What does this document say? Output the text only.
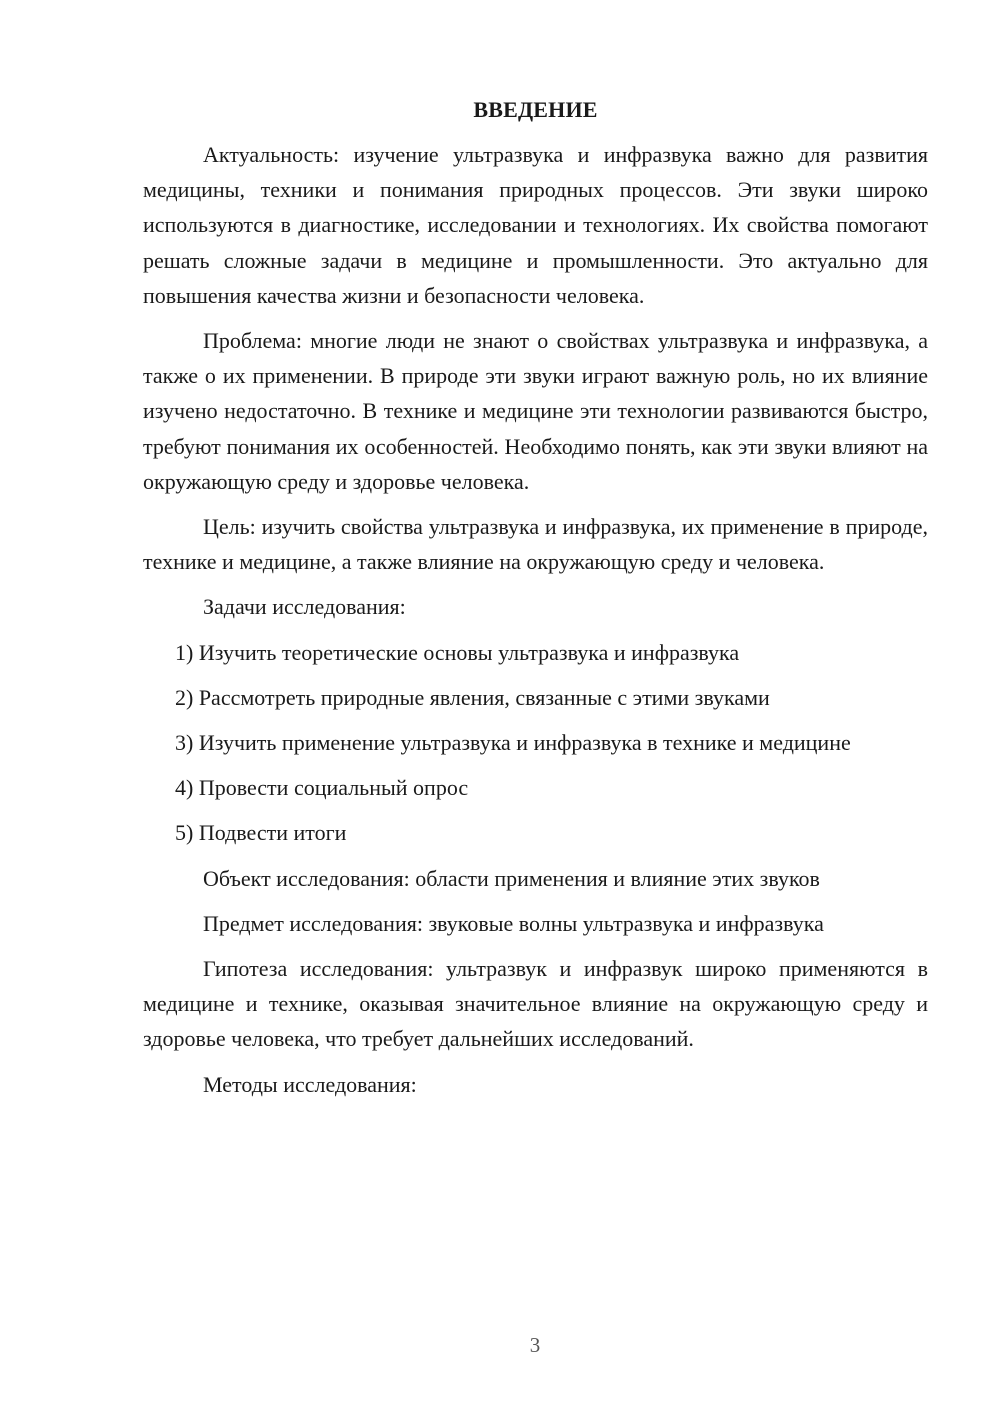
ВВЕДЕНИЕ

Актуальность: изучение ультразвука и инфразвука важно для развития медицины, техники и понимания природных процессов. Эти звуки широко используются в диагностике, исследовании и технологиях. Их свойства помогают решать сложные задачи в медицине и промышленности. Это актуально для повышения качества жизни и безопасности человека.

Проблема: многие люди не знают о свойствах ультразвука и инфразвука, а также о их применении. В природе эти звуки играют важную роль, но их влияние изучено недостаточно. В технике и медицине эти технологии развиваются быстро, требуют понимания их особенностей. Необходимо понять, как эти звуки влияют на окружающую среду и здоровье человека.

Цель: изучить свойства ультразвука и инфразвука, их применение в природе, технике и медицине, а также влияние на окружающую среду и человека.

Задачи исследования:

1) Изучить теоретические основы ультразвука и инфразвука

2) Рассмотреть природные явления, связанные с этими звуками

3) Изучить применение ультразвука и инфразвука в технике и медицине

4) Провести социальный опрос

5) Подвести итоги

Объект исследования: области применения и влияние этих звуков

Предмет исследования: звуковые волны ультразвука и инфразвука

Гипотеза исследования: ультразвук и инфразвук широко применяются в медицине и технике, оказывая значительное влияние на окружающую среду и здоровье человека, что требует дальнейших исследований.

Методы исследования:

3
